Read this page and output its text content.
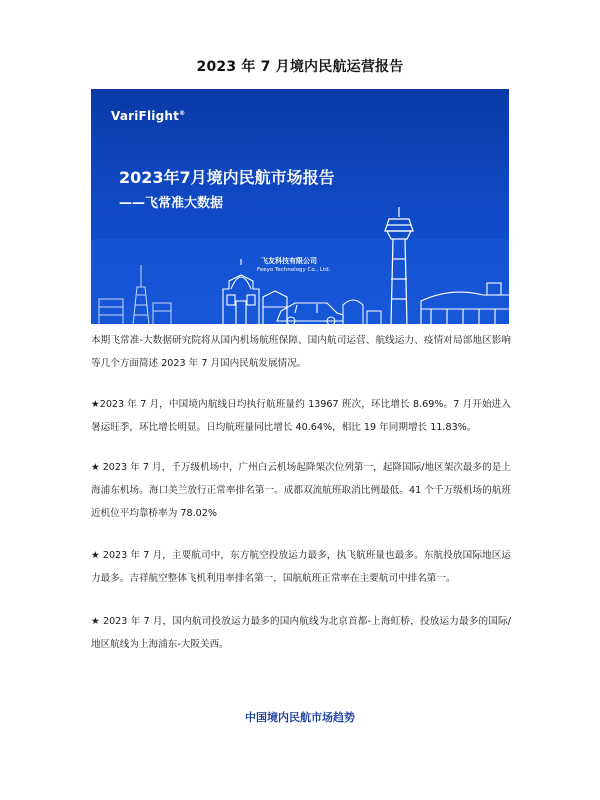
2023 年 7 月境内民航运营报告
VariFlight®
2023年7月境内民航市场报告
——飞常准大数据
飞友科技有限公司
Feeyo Technology Co., Ltd.

本期飞常准-大数据研究院将从国内机场航班保障、国内航司运营、航线运力、疫情对局部地区影响等几个方面简述 2023 年 7 月国内民航发展情况。

★2023 年 7 月，中国境内航线日均执行航班量约 13967 班次，环比增长 8.69%。7 月开始进入暑运旺季，环比增长明显。日均航班量同比增长 40.64%，相比 19 年同期增长 11.83%。

★ 2023 年 7 月，千万级机场中，广州白云机场起降架次位列第一，起降国际/地区架次最多的是上海浦东机场。海口美兰放行正常率排名第一。成都双流航班取消比例最低。41 个千万级机场的航班近机位平均靠桥率为 78.02%

★ 2023 年 7 月，主要航司中，东方航空投放运力最多，执飞航班量也最多。东航投放国际地区运力最多。吉祥航空整体飞机利用率排名第一，国航航班正常率在主要航司中排名第一。

★ 2023 年 7 月，国内航司投放运力最多的国内航线为北京首都-上海虹桥，投放运力最多的国际/地区航线为上海浦东-大阪关西。

中国境内民航市场趋势
